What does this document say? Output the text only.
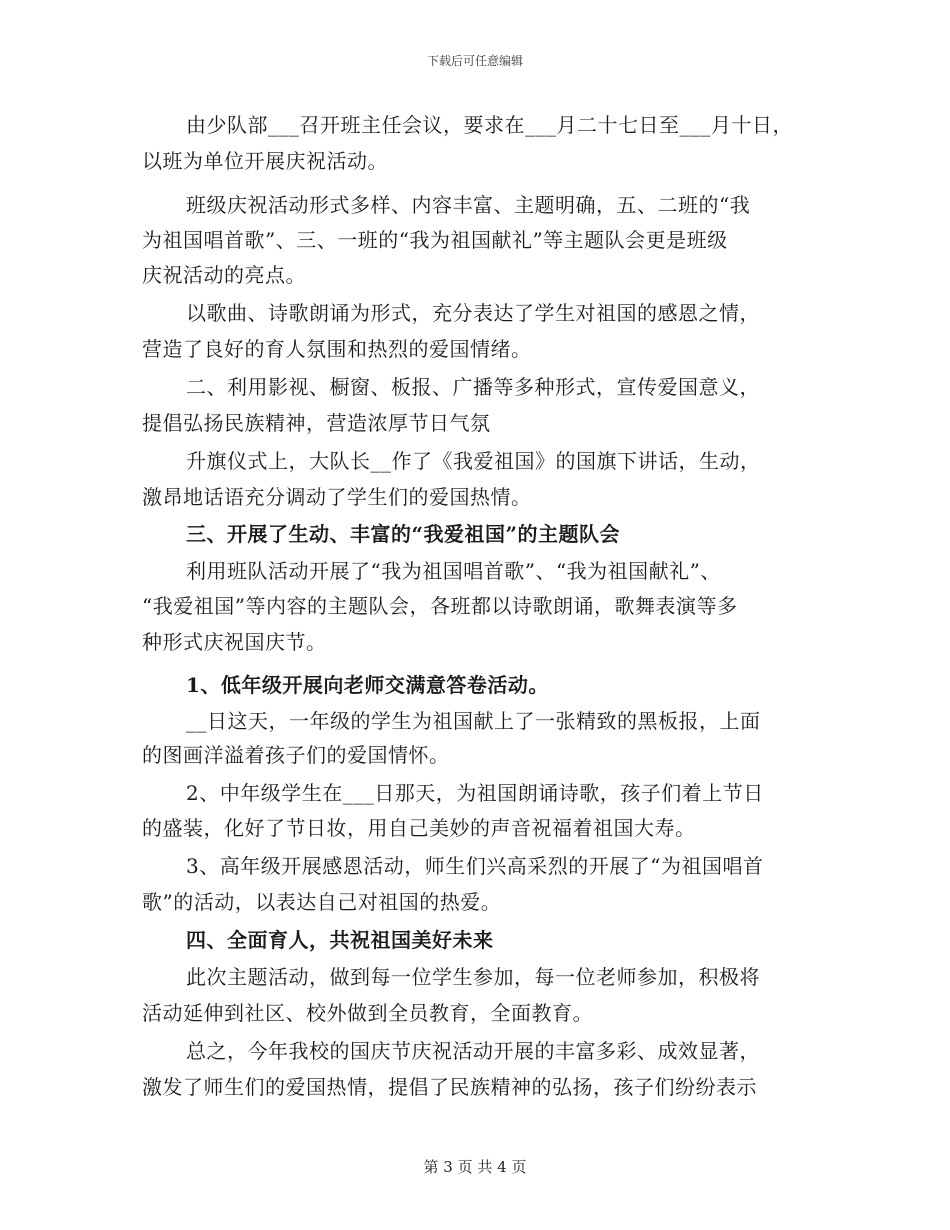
下载后可任意编辑
由少队部___召开班主任会议，要求在___月二十七日至___月十日，
以班为单位开展庆祝活动。
班级庆祝活动形式多样、内容丰富、主题明确，五、二班的“我
为祖国唱首歌”、三、一班的“我为祖国献礼”等主题队会更是班级
庆祝活动的亮点。
以歌曲、诗歌朗诵为形式，充分表达了学生对祖国的感恩之情，
营造了良好的育人氛围和热烈的爱国情绪。
二、利用影视、橱窗、板报、广播等多种形式，宣传爱国意义，
提倡弘扬民族精神，营造浓厚节日气氛
升旗仪式上，大队长__作了《我爱祖国》的国旗下讲话，生动，
激昂地话语充分调动了学生们的爱国热情。
三、开展了生动、丰富的“我爱祖国”的主题队会
利用班队活动开展了“我为祖国唱首歌”、“我为祖国献礼”、
“我爱祖国”等内容的主题队会，各班都以诗歌朗诵，歌舞表演等多
种形式庆祝国庆节。
1、低年级开展向老师交满意答卷活动。
__日这天，一年级的学生为祖国献上了一张精致的黑板报，上面
的图画洋溢着孩子们的爱国情怀。
2、中年级学生在___日那天，为祖国朗诵诗歌，孩子们着上节日
的盛装，化好了节日妆，用自己美妙的声音祝福着祖国大寿。
3、高年级开展感恩活动，师生们兴高采烈的开展了“为祖国唱首
歌”的活动，以表达自己对祖国的热爱。
四、全面育人，共祝祖国美好未来
此次主题活动，做到每一位学生参加，每一位老师参加，积极将
活动延伸到社区、校外做到全员教育，全面教育。
总之，今年我校的国庆节庆祝活动开展的丰富多彩、成效显著，
激发了师生们的爱国热情，提倡了民族精神的弘扬，孩子们纷纷表示
第 3 页 共 4 页
